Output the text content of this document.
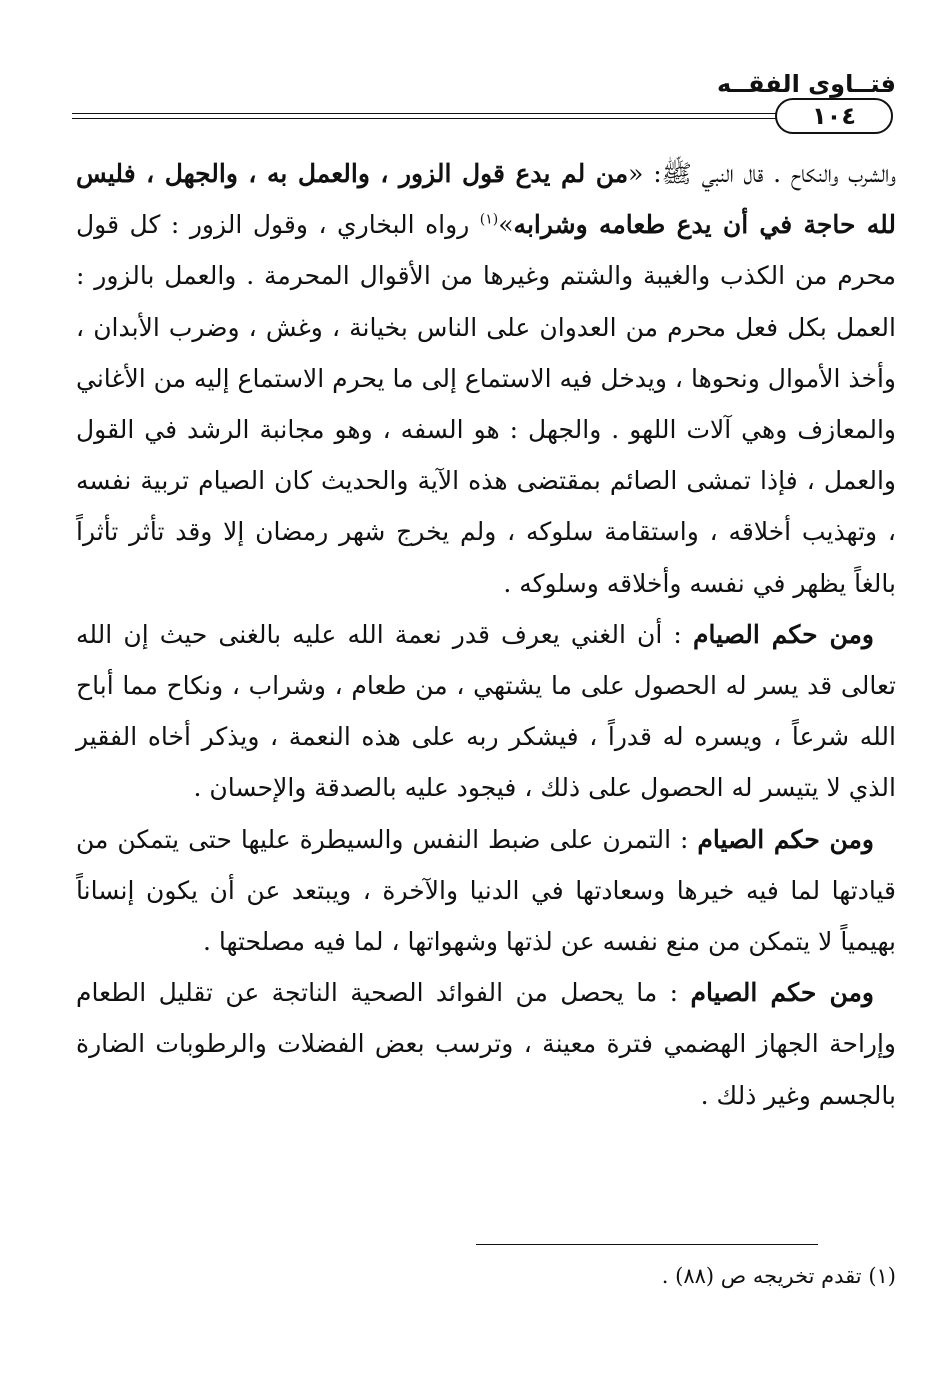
فتــاوى الفقــه
١٠٤

والشرب والنكاح . قال النبي ﷺ: «من لم يدع قول الزور ، والعمل به ، والجهل ، فليس لله حاجة في أن يدع طعامه وشرابه»$^{(١)}$ رواه البخاري ، وقول الزور : كل قول محرم من الكذب والغيبة والشتم وغيرها من الأقوال المحرمة . والعمل بالزور : العمل بكل فعل محرم من العدوان على الناس بخيانة ، وغش ، وضرب الأبدان ، وأخذ الأموال ونحوها ، ويدخل فيه الاستماع إلى ما يحرم الاستماع إليه من الأغاني والمعازف وهي آلات اللهو . والجهل : هو السفه ، وهو مجانبة الرشد في القول والعمل ، فإذا تمشى الصائم بمقتضى هذه الآية والحديث كان الصيام تربية نفسه ، وتهذيب أخلاقه ، واستقامة سلوكه ، ولم يخرج شهر رمضان إلا وقد تأثر تأثراً بالغاً يظهر في نفسه وأخلاقه وسلوكه .

ومن حكم الصيام : أن الغني يعرف قدر نعمة الله عليه بالغنى حيث إن الله تعالى قد يسر له الحصول على ما يشتهي ، من طعام ، وشراب ، ونكاح مما أباح الله شرعاً ، ويسره له قدراً ، فيشكر ربه على هذه النعمة ، ويذكر أخاه الفقير الذي لا يتيسر له الحصول على ذلك ، فيجود عليه بالصدقة والإحسان .

ومن حكم الصيام : التمرن على ضبط النفس والسيطرة عليها حتى يتمكن من قيادتها لما فيه خيرها وسعادتها في الدنيا والآخرة ، ويبتعد عن أن يكون إنساناً بهيمياً لا يتمكن من منع نفسه عن لذتها وشهواتها ، لما فيه مصلحتها .

ومن حكم الصيام : ما يحصل من الفوائد الصحية الناتجة عن تقليل الطعام وإراحة الجهاز الهضمي فترة معينة ، وترسب بعض الفضلات والرطوبات الضارة بالجسم وغير ذلك .

(١) تقدم تخريجه ص (٨٨) .
